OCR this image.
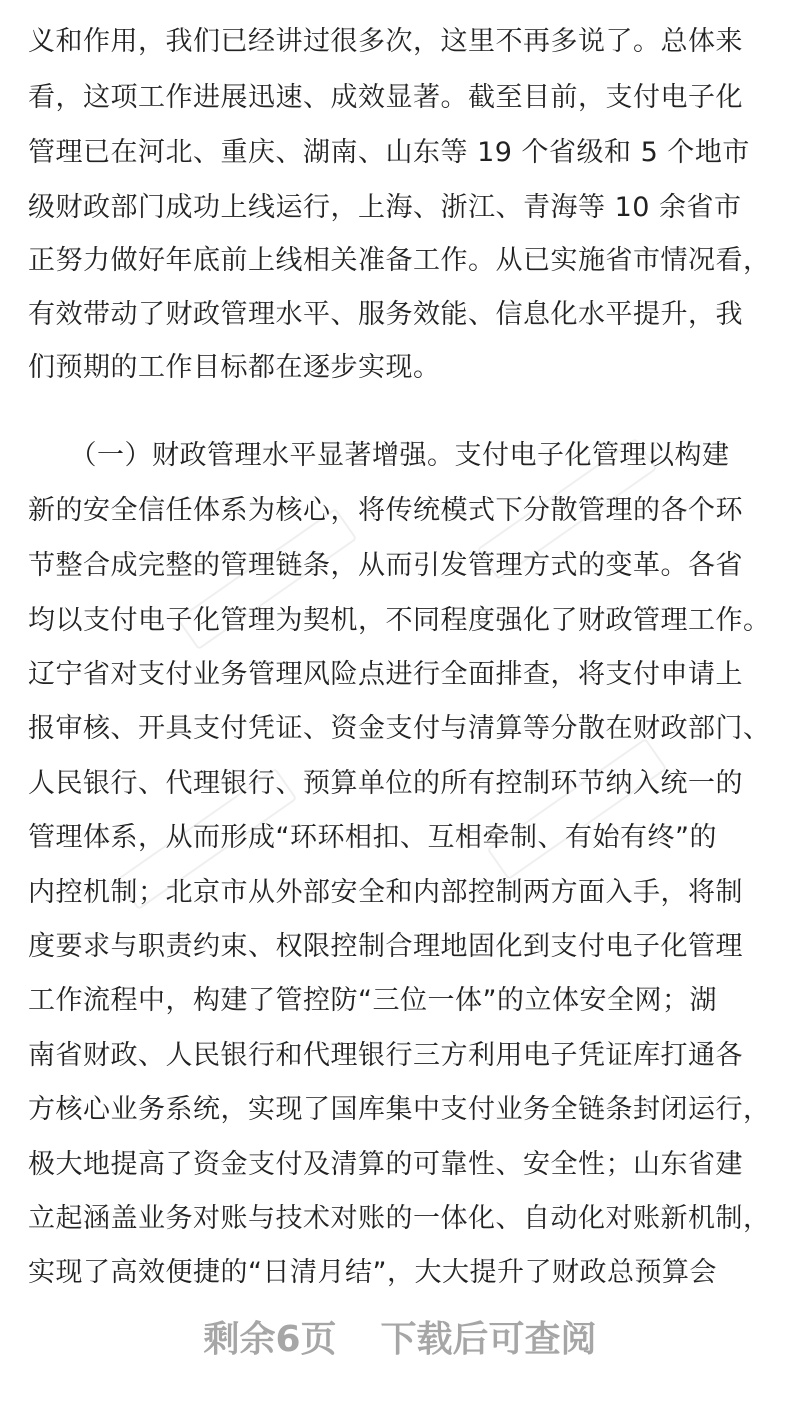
义和作用，我们已经讲过很多次，这里不再多说了。总体来
看，这项工作进展迅速、成效显著。截至目前，支付电子化
管理已在河北、重庆、湖南、山东等 19 个省级和 5 个地市
级财政部门成功上线运行，上海、浙江、青海等 10 余省市
正努力做好年底前上线相关准备工作。从已实施省市情况看，
有效带动了财政管理水平、服务效能、信息化水平提升，我
们预期的工作目标都在逐步实现。
　　（一）财政管理水平显著增强。支付电子化管理以构建
新的安全信任体系为核心，将传统模式下分散管理的各个环
节整合成完整的管理链条，从而引发管理方式的变革。各省
均以支付电子化管理为契机，不同程度强化了财政管理工作。
辽宁省对支付业务管理风险点进行全面排查，将支付申请上
报审核、开具支付凭证、资金支付与清算等分散在财政部门、
人民银行、代理银行、预算单位的所有控制环节纳入统一的
管理体系，从而形成“环环相扣、互相牵制、有始有终”的
内控机制；北京市从外部安全和内部控制两方面入手，将制
度要求与职责约束、权限控制合理地固化到支付电子化管理
工作流程中，构建了管控防“三位一体”的立体安全网；湖
南省财政、人民银行和代理银行三方利用电子凭证库打通各
方核心业务系统，实现了国库集中支付业务全链条封闭运行，
极大地提高了资金支付及清算的可靠性、安全性；山东省建
立起涵盖业务对账与技术对账的一体化、自动化对账新机制，
实现了高效便捷的“日清月结”，大大提升了财政总预算会
剩余6页 下载后可查阅
